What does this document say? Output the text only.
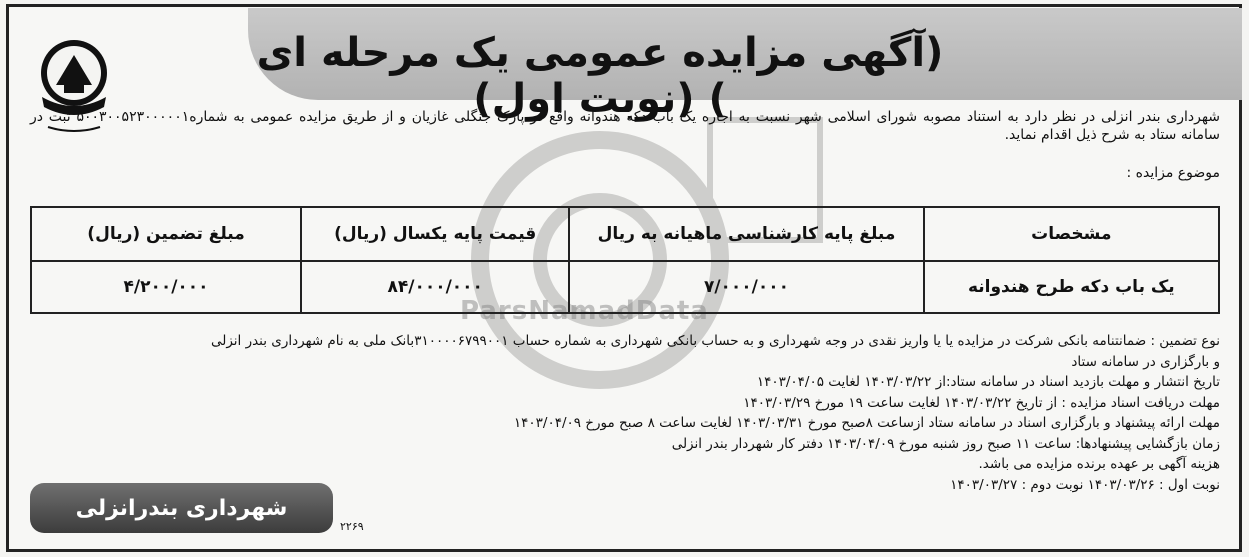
(آگهی مزایده عمومی یک مرحله ای ) (نوبت اول)
ParsNamadData
شهرداری بندر انزلی در نظر دارد به استناد مصوبه شورای اسلامی شهر نسبت به اجاره یک باب دکه هندوانه واقع در پارک جنگلی غازیان و از طریق مزایده عمومی به شماره۵۰۰۳۰۰۵۲۳۰۰۰۰۰۱ ثبت در سامانه ستاد به شرح ذیل اقدام نماید.
موضوع مزایده :
مشخصات	مبلغ پایه کارشناسی ماهیانه به ریال	قیمت پایه یکسال (ریال)	مبلغ تضمین (ریال)
یک باب دکه طرح هندوانه	۷/۰۰۰/۰۰۰	۸۴/۰۰۰/۰۰۰	۴/۲۰۰/۰۰۰
نوع تضمین : ضمانتنامه بانکی شرکت در مزایده یا یا واریز نقدی در وجه شهرداری و به حساب بانکی شهرداری به شماره حساب ۳۱۰۰۰۰۶۷۹۹۰۰۱بانک ملی به نام شهرداری بندر انزلی
و بارگزاری در سامانه ستاد
تاریخ انتشار و مهلت بازدید اسناد در سامانه ستاد:از ۱۴۰۳/۰۳/۲۲ لغایت ۱۴۰۳/۰۴/۰۵
مهلت دریافت اسناد مزایده : از تاریخ ۱۴۰۳/۰۳/۲۲ لغایت ساعت ۱۹ مورخ ۱۴۰۳/۰۳/۲۹
مهلت ارائه پیشنهاد و بارگزاری اسناد در سامانه ستاد ازساعت ۸صبح مورخ ۱۴۰۳/۰۳/۳۱ لغایت ساعت ۸ صبح مورخ ۱۴۰۳/۰۴/۰۹
زمان بازگشایی پیشنهادها: ساعت ۱۱ صبح روز شنبه مورخ ۱۴۰۳/۰۴/۰۹ دفتر کار شهردار بندر انزلی
هزینه آگهی بر عهده برنده مزایده می باشد.
نوبت اول : ۱۴۰۳/۰۳/۲۶ نوبت دوم : ۱۴۰۳/۰۳/۲۷
شهرداری بندرانزلی
۲۲۶۹
